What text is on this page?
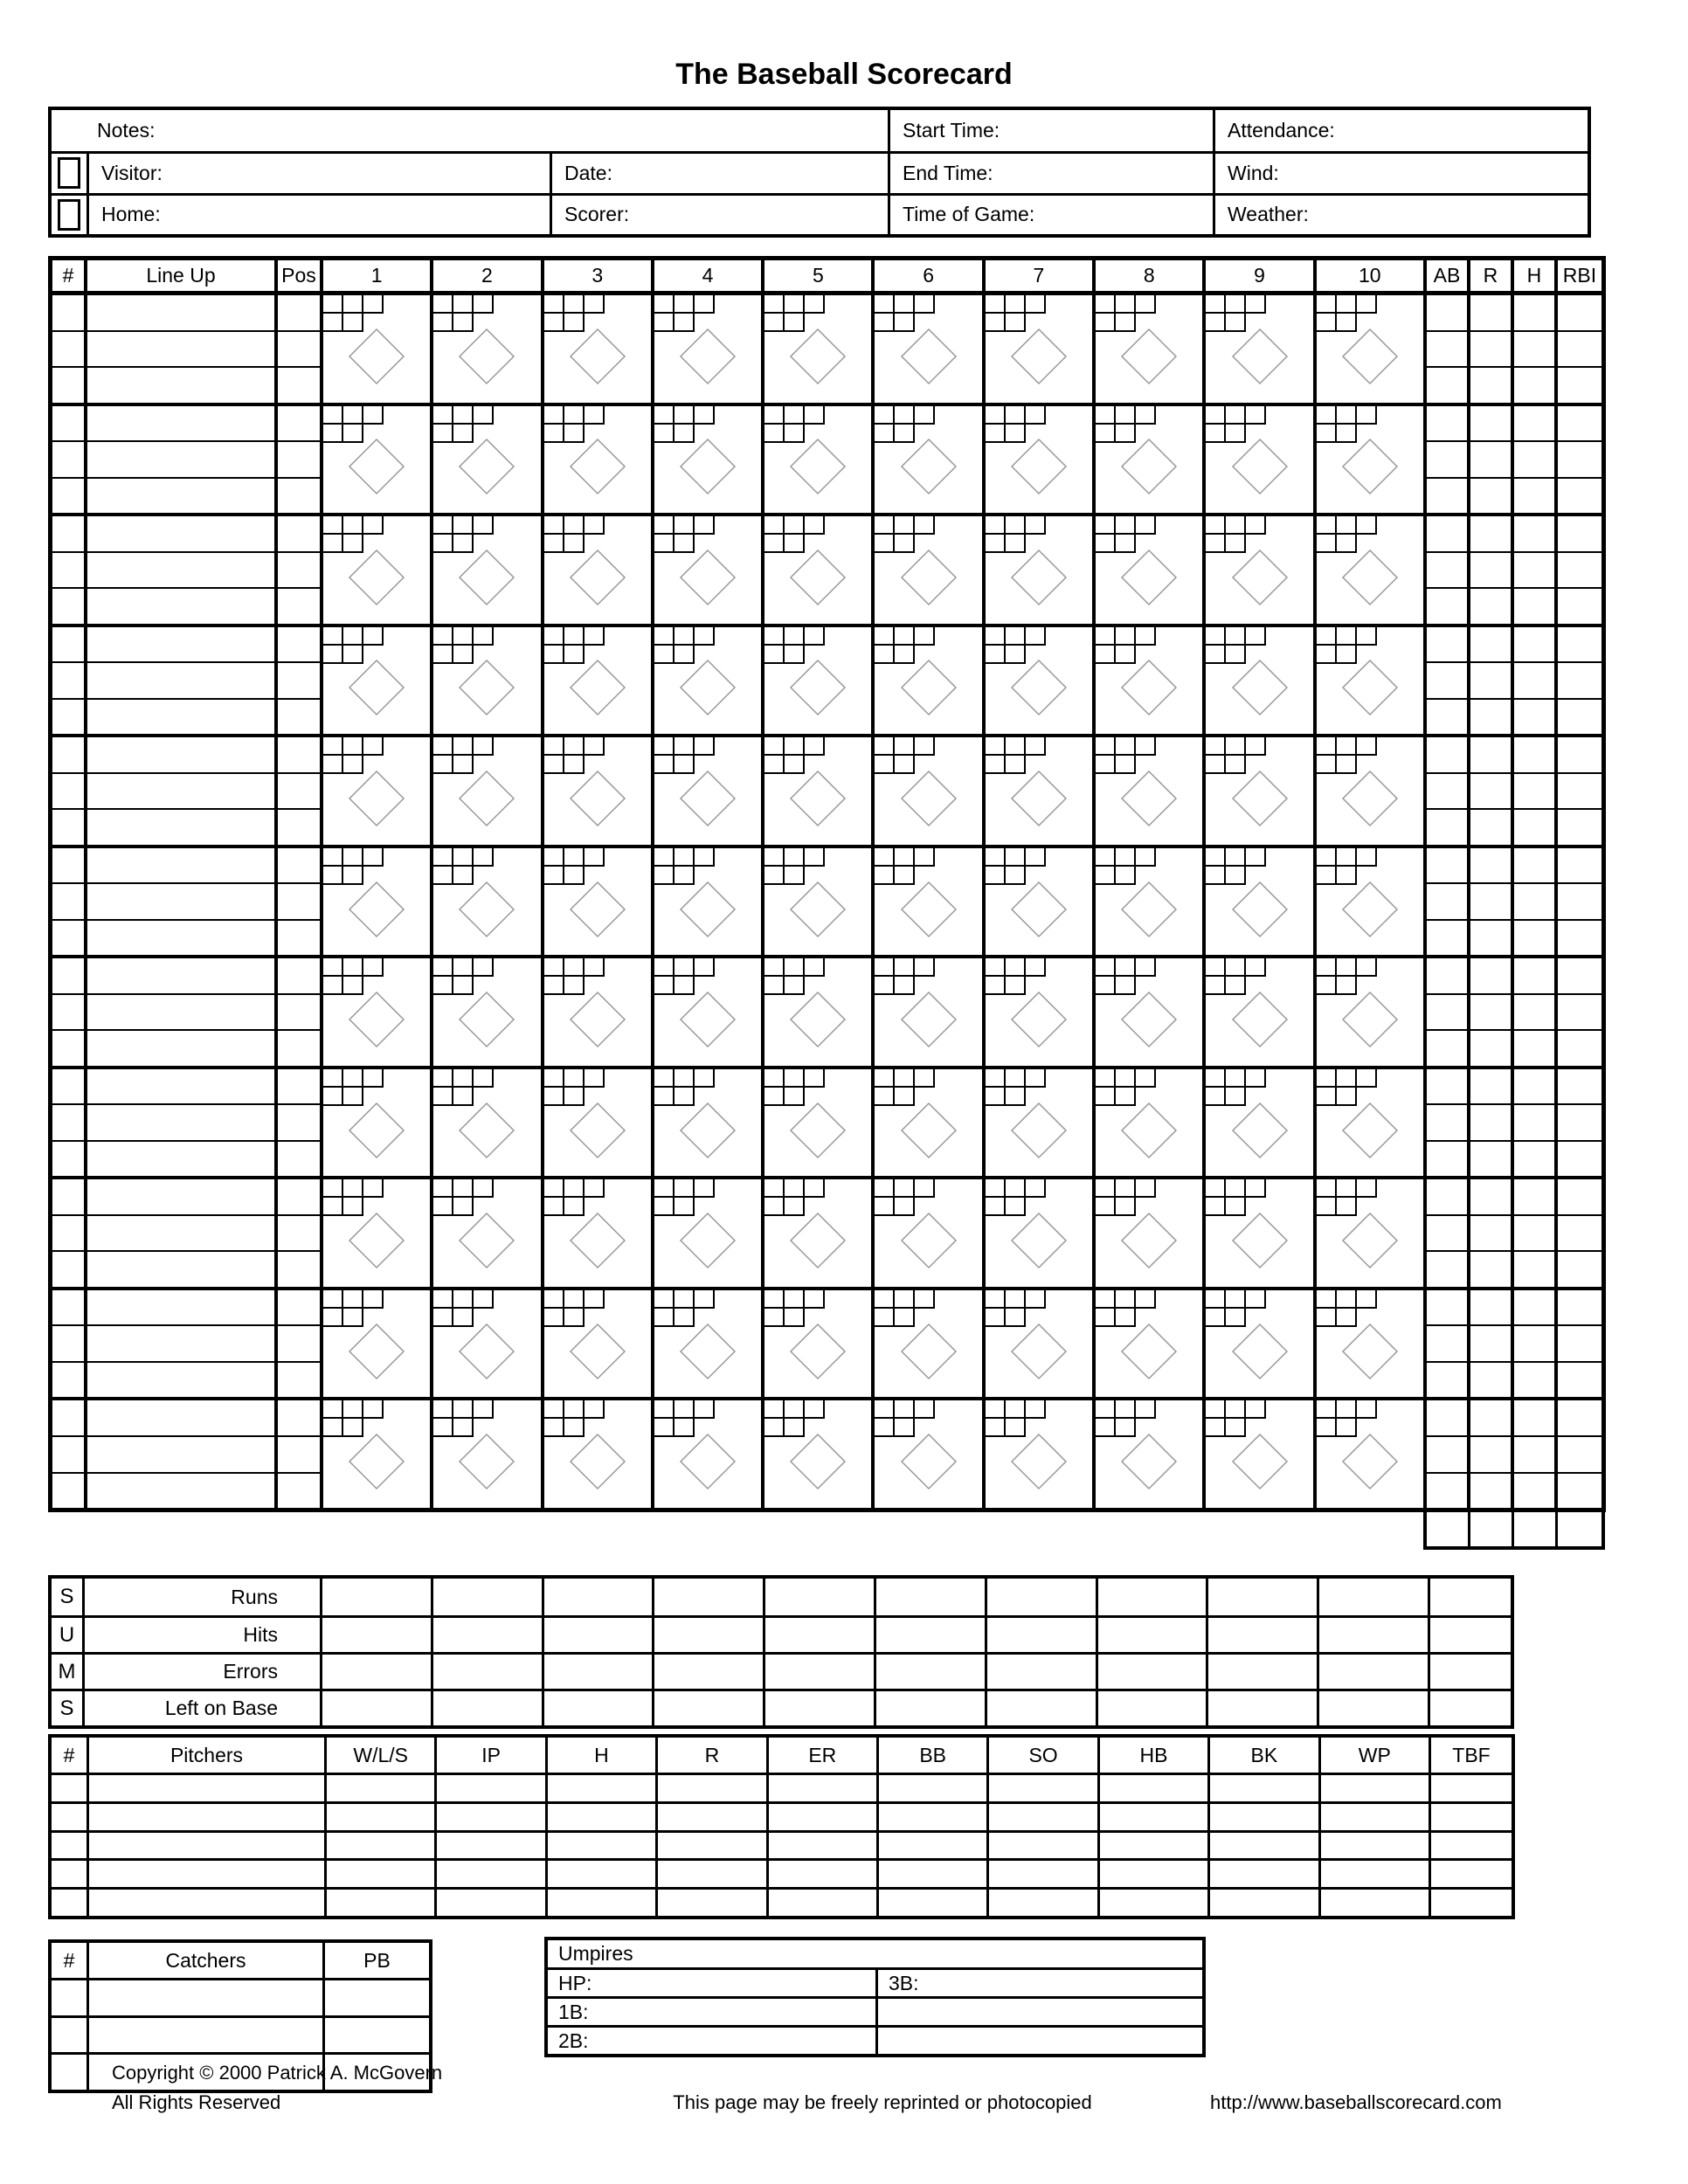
The Baseball Scorecard
Notes:	Start Time:	Attendance:
Visitor:	Date:	End Time:	Wind:
Home:	Scorer:	Time of Game:	Weather:
#	Line Up	Pos	1	2	3	4	5	6	7	8	9	10	AB	R	H	RBI
S	Runs
U	Hits
M	Errors
S	Left on Base
#	Pitchers	W/L/S	IP	H	R	ER	BB	SO	HB	BK	WP	TBF
#	Catchers	PB	Umpires
HP:	3B:
1B:
2B:
Copyright © 2000 Patrick A. McGovern
All Rights Reserved	This page may be freely reprinted or photocopied	http://www.baseballscorecard.com
